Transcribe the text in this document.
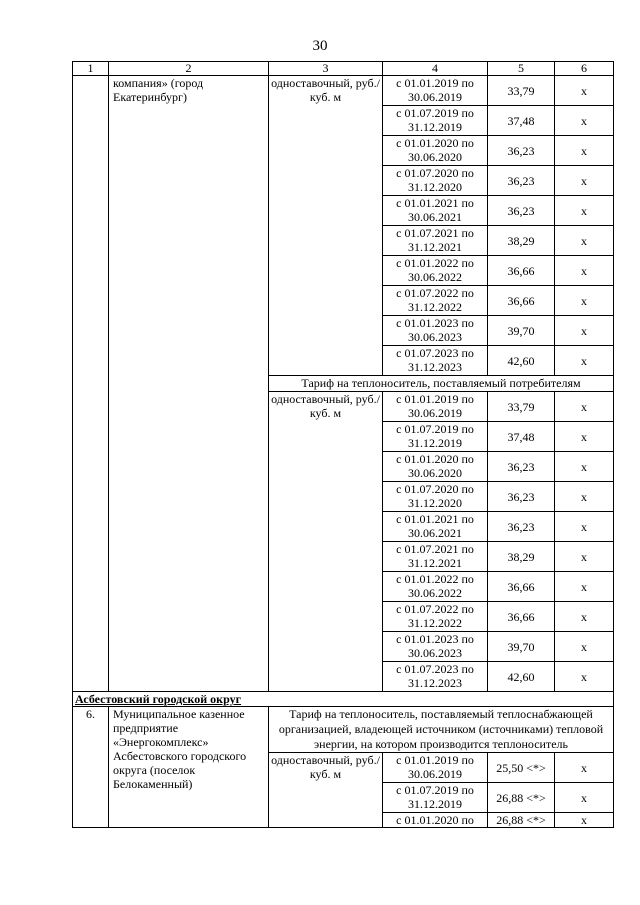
30
1	2	3	4	5	6
	компания» (город Екатеринбург)	одноставочный, руб./куб. м	с 01.01.2019 по 30.06.2019	33,79	х
			с 01.07.2019 по 31.12.2019	37,48	х
			с 01.01.2020 по 30.06.2020	36,23	х
			с 01.07.2020 по 31.12.2020	36,23	х
			с 01.01.2021 по 30.06.2021	36,23	х
			с 01.07.2021 по 31.12.2021	38,29	х
			с 01.01.2022 по 30.06.2022	36,66	х
			с 01.07.2022 по 31.12.2022	36,66	х
			с 01.01.2023 по 30.06.2023	39,70	х
			с 01.07.2023 по 31.12.2023	42,60	х
		Тариф на теплоноситель, поставляемый потребителям			
		одноставочный, руб./куб. м	с 01.01.2019 по 30.06.2019	33,79	х
			с 01.07.2019 по 31.12.2019	37,48	х
			с 01.01.2020 по 30.06.2020	36,23	х
			с 01.07.2020 по 31.12.2020	36,23	х
			с 01.01.2021 по 30.06.2021	36,23	х
			с 01.07.2021 по 31.12.2021	38,29	х
			с 01.01.2022 по 30.06.2022	36,66	х
			с 01.07.2022 по 31.12.2022	36,66	х
			с 01.01.2023 по 30.06.2023	39,70	х
			с 01.07.2023 по 31.12.2023	42,60	х
Асбестовский городской округ					
6.	Муниципальное казенное предприятие «Энергокомплекс» Асбестовского городского округа (поселок Белокаменный)	Тариф на теплоноситель, поставляемый теплоснабжающей организацией, владеющей источником (источниками) тепловой энергии, на котором производится теплоноситель			
		одноставочный, руб./куб. м	с 01.01.2019 по 30.06.2019	25,50 <*>	х
			с 01.07.2019 по 31.12.2019	26,88 <*>	х
			с 01.01.2020 по	26,88 <*>	х
